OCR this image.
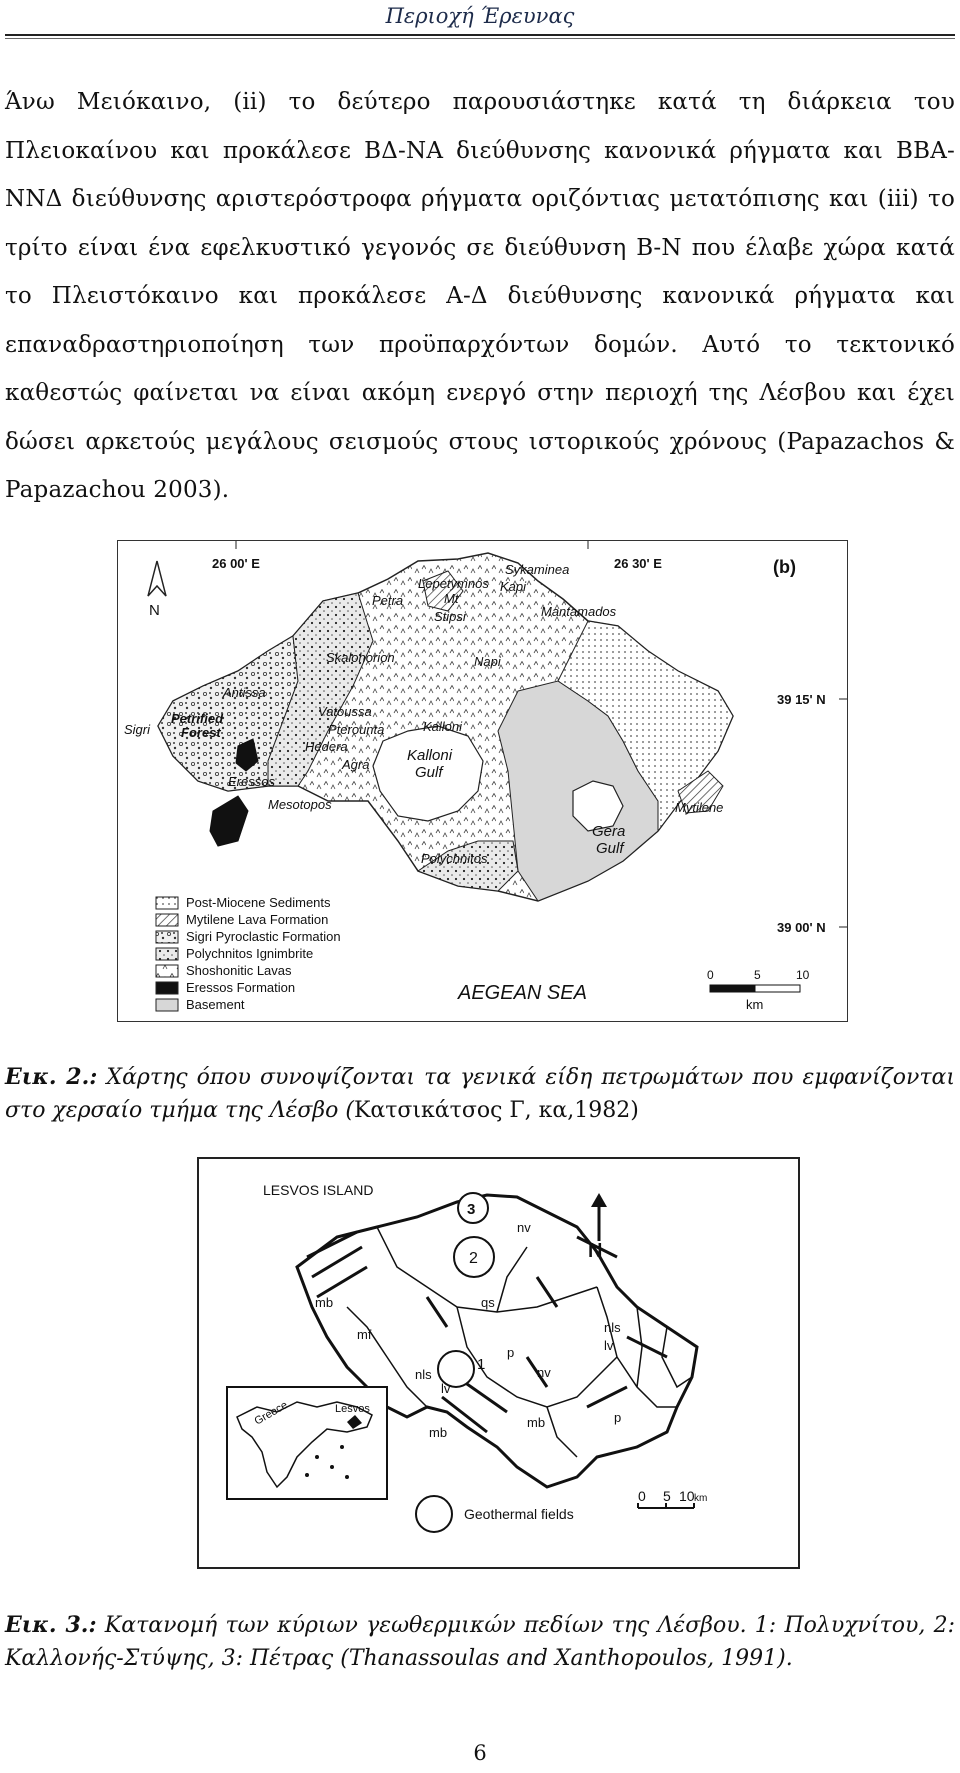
Περιοχή Έρευνας
Άνω Μειόκαινο, (ii) το δεύτερο παρουσιάστηκε κατά τη διάρκεια του Πλειοκαίνου και προκάλεσε ΒΔ-ΝΑ διεύθυνσης κανονικά ρήγματα και ΒΒΑ-ΝΝΔ διεύθυνσης αριστερόστροφα ρήγματα οριζόντιας μετατόπισης και (iii) το τρίτο είναι ένα εφελκυστικό γεγονός σε διεύθυνση Β-Ν που έλαβε χώρα κατά το Πλειστόκαινο και προκάλεσε Α-Δ διεύθυνσης κανονικά ρήγματα και επαναδραστηριοποίηση των προϋπαρχόντων δομών. Αυτό το τεκτονικό καθεστώς φαίνεται να είναι ακόμη ενεργό στην περιοχή της Λέσβου και έχει δώσει αρκετούς μεγάλους σεισμούς στους ιστορικούς χρόνους (Papazachos & Papazachou 2003).
N
26 00' E	26 30' E	(b)
39 15' N
39 00' N
Sykaminea
Lepetymnos
Mt
Kapi
Petra
Stipsi	Mantamados
Skalohorion	Napi
Antissa
Vatoussa
Kalloni
Petrified
Forest
Sigri	Pterounta
Hedera
Agra
Kalloni
Gulf
Eressos
Mesotopos	Mytilene
Polychnitos
Gera
Gulf
Post-Miocene Sediments
Mytilene Lava Formation
Sigri Pyroclastic Formation
Polychnitos Ignimbrite
Shoshonitic Lavas
Eressos Formation
Basement
AEGEAN SEA
0	5	10
km
Εικ. 2.: Χάρτης όπου συνοψίζονται τα γενικά είδη πετρωμάτων που εμφανίζονται στο χερσαίο τμήμα της Λέσβο (Κατσικάτσος Γ, κα,1982)
LESVOS ISLAND
3
2
1
nv
mb
mf
qs
p
nls
lv
nv
mb
mb
nls
lv
p
N
Greece	Lesvos
Geothermal fields
0 5 10 km
Εικ. 3.: Κατανομή των κύριων γεωθερμικών πεδίων της Λέσβου. 1: Πολυχνίτου, 2: Καλλονής-Στύψης, 3: Πέτρας (Thanassoulas and Xanthopoulos, 1991).
6
